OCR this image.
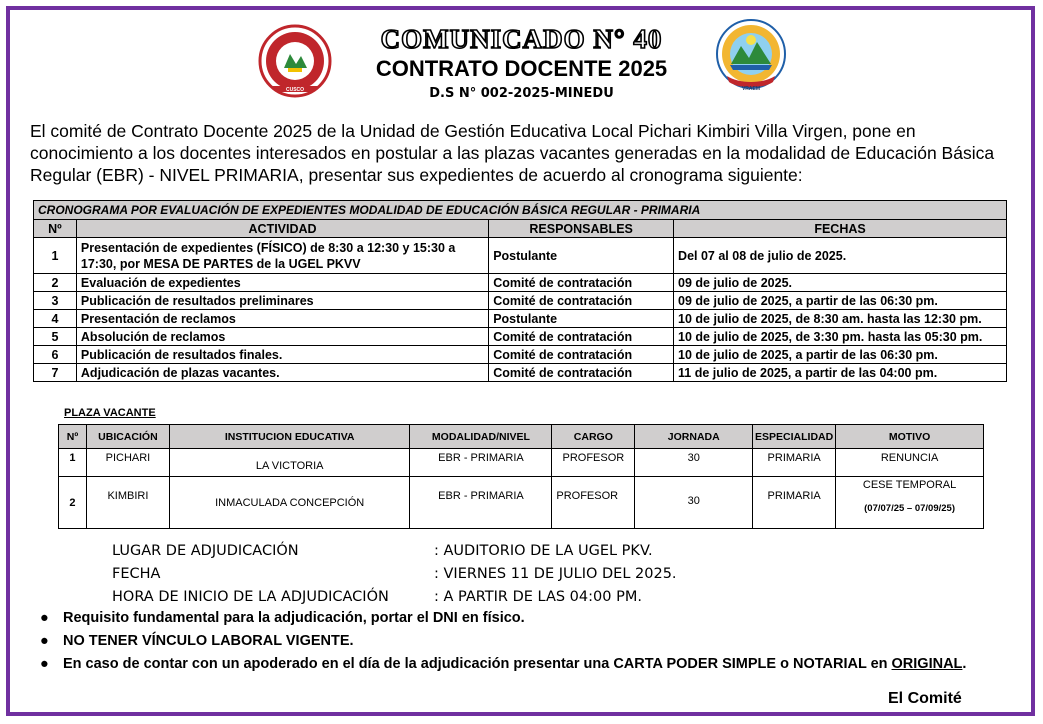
CUSCO	VRAEM
COMUNICADO N° 40
CONTRATO DOCENTE 2025
D.S N° 002-2025-MINEDU
El comité de Contrato Docente 2025 de la Unidad de Gestión Educativa Local Pichari Kimbiri Villa Virgen, pone en conocimiento a los docentes interesados en postular a las plazas vacantes generadas en la modalidad de Educación Básica Regular (EBR) - NIVEL PRIMARIA, presentar sus expedientes de acuerdo al cronograma siguiente:
CRONOGRAMA POR EVALUACIÓN DE EXPEDIENTES MODALIDAD DE EDUCACIÓN BÁSICA REGULAR - PRIMARIA			
Nº	ACTIVIDAD	RESPONSABLES	FECHAS
1	Presentación de expedientes (FÍSICO) de 8:30 a 12:30 y 15:30 a 17:30, por MESA DE PARTES de la UGEL PKVV	Postulante	Del 07 al 08 de julio de 2025.
2	Evaluación de expedientes	Comité de contratación	09 de julio de 2025.
3	Publicación de resultados preliminares	Comité de contratación	09 de julio de 2025, a partir de las 06:30 pm.
4	Presentación de reclamos	Postulante	10 de julio de 2025, de 8:30 am. hasta las 12:30 pm.
5	Absolución de reclamos	Comité de contratación	10 de julio de 2025, de 3:30 pm. hasta las 05:30 pm.
6	Publicación de resultados finales.	Comité de contratación	10 de julio de 2025, a partir de las 06:30 pm.
7	Adjudicación de plazas vacantes.	Comité de contratación	11 de julio de 2025, a partir de las 04:00 pm.
PLAZA VACANTE
Nº	UBICACIÓN	INSTITUCION EDUCATIVA	MODALIDAD/NIVEL	CARGO	JORNADA	ESPECIALIDAD	MOTIVO
1	PICHARI	LA VICTORIA	EBR - PRIMARIA	PROFESOR	30	PRIMARIA	RENUNCIA
2	KIMBIRI	INMACULADA CONCEPCIÓN	EBR - PRIMARIA	PROFESOR	30	PRIMARIA	CESE TEMPORAL
(07/07/25 – 07/09/25)
LUGAR DE ADJUDICACIÓN	: AUDITORIO DE LA UGEL PKV.
FECHA	: VIERNES 11 DE JULIO DEL 2025.
HORA DE INICIO DE LA ADJUDICACIÓN	: A PARTIR DE LAS 04:00 PM.
● Requisito fundamental para la adjudicación, portar el DNI en físico.
● NO TENER VÍNCULO LABORAL VIGENTE.
● En caso de contar con un apoderado en el día de la adjudicación presentar una CARTA PODER SIMPLE o NOTARIAL en ORIGINAL.
El Comité
